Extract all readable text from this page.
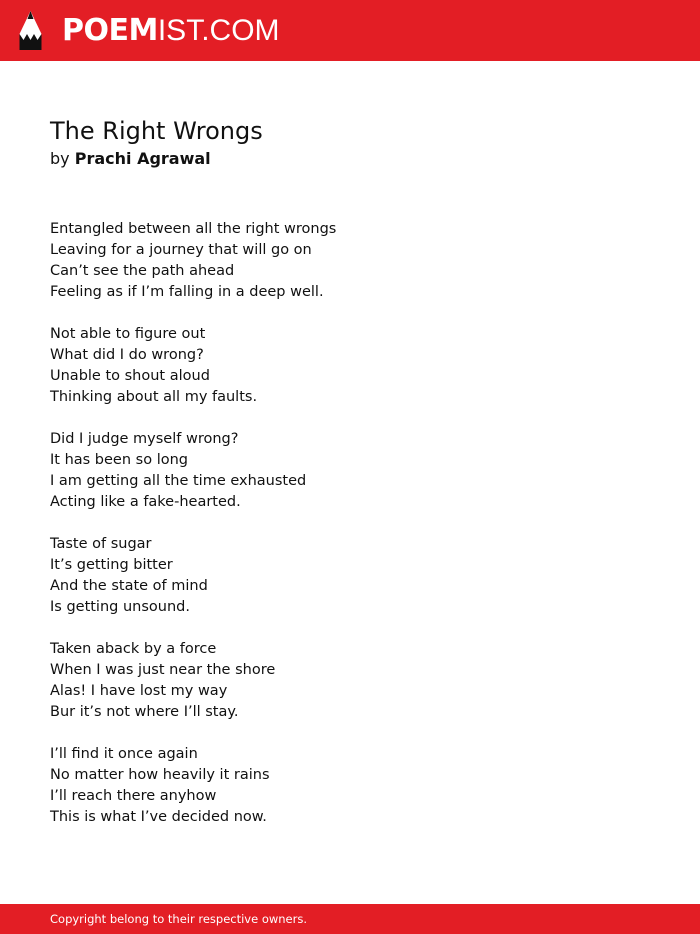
POEMIST.COM
The Right Wrongs
by Prachi Agrawal
Entangled between all the right wrongs
Leaving for a journey that will go on
Can’t see the path ahead
Feeling as if I’m falling in a deep well.
Not able to figure out
What did I do wrong?
Unable to shout aloud
Thinking about all my faults.
Did I judge myself wrong?
It has been so long
I am getting all the time exhausted
Acting like a fake-hearted.
Taste of sugar
It’s getting bitter
And the state of mind
Is getting unsound.
Taken aback by a force
When I was just near the shore
Alas! I have lost my way
Bur it’s not where I’ll stay.
I’ll find it once again
No matter how heavily it rains
I’ll reach there anyhow
This is what I’ve decided now.
Copyright belong to their respective owners.
